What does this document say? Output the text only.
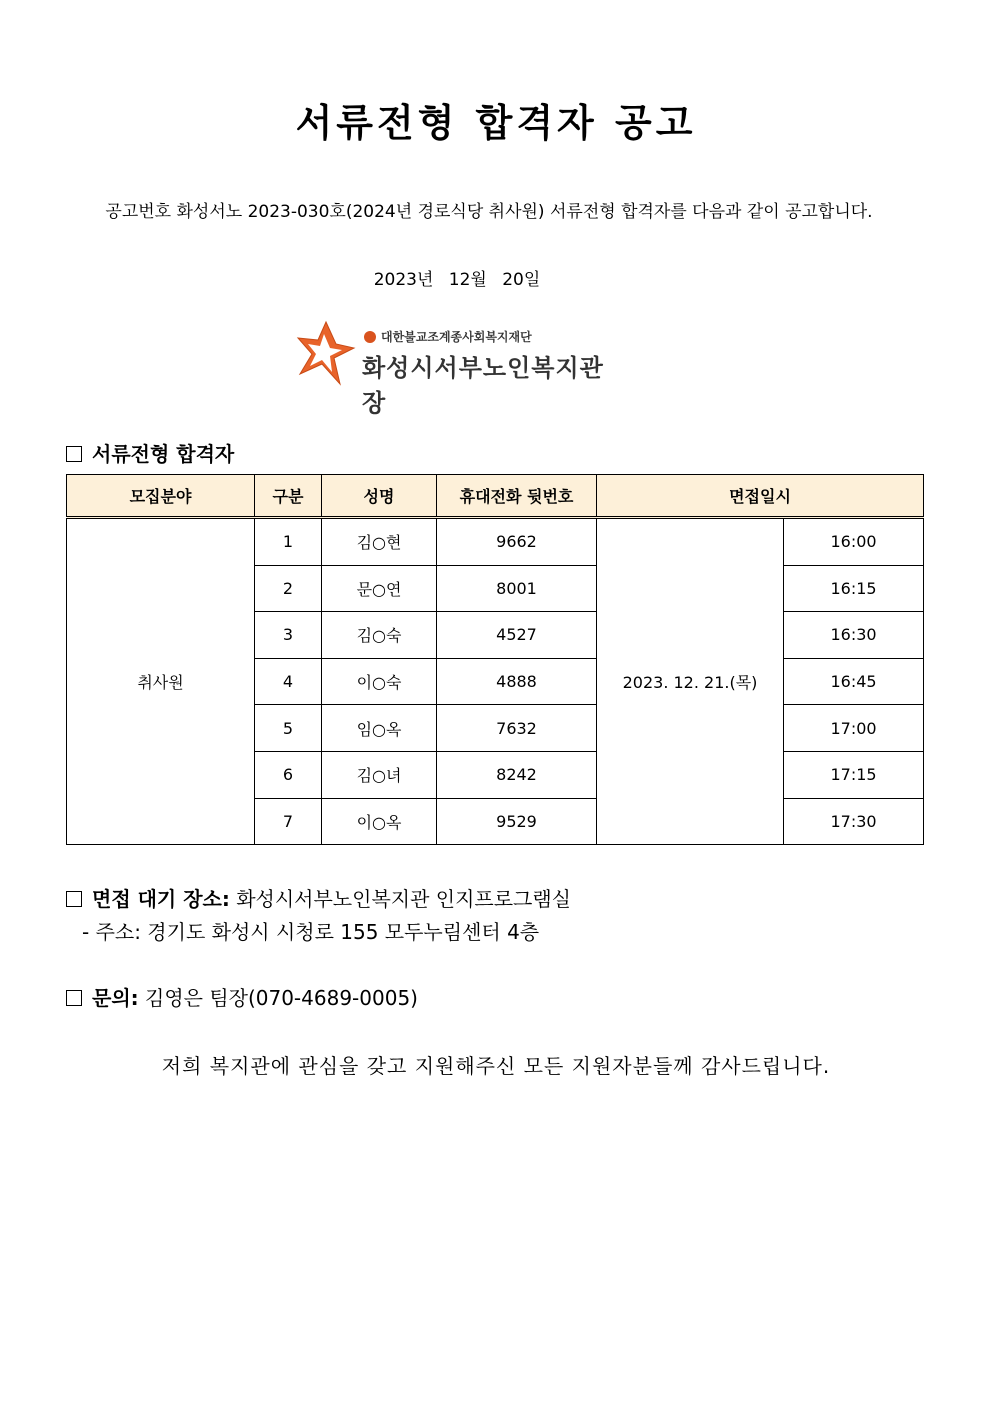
서류전형 합격자 공고
공고번호 화성서노 2023-030호(2024년 경로식당 취사원) 서류전형 합격자를 다음과 같이 공고합니다.
2023년 12월 20일
대한불교조계종사회복지재단
화성시서부노인복지관장
서류전형 합격자
모집분야	구분	성명	휴대전화 뒷번호	면접일시	
취사원	1	김○현	9662	2023. 12. 21.(목)	16:00
	2	문○연	8001		16:15
	3	김○숙	4527		16:30
	4	이○숙	4888		16:45
	5	임○옥	7632		17:00
	6	김○녀	8242		17:15
	7	이○옥	9529		17:30
면접 대기 장소: 화성시서부노인복지관 인지프로그램실
- 주소: 경기도 화성시 시청로 155 모두누림센터 4층
문의: 김영은 팀장(070-4689-0005)
저희 복지관에 관심을 갖고 지원해주신 모든 지원자분들께 감사드립니다.
